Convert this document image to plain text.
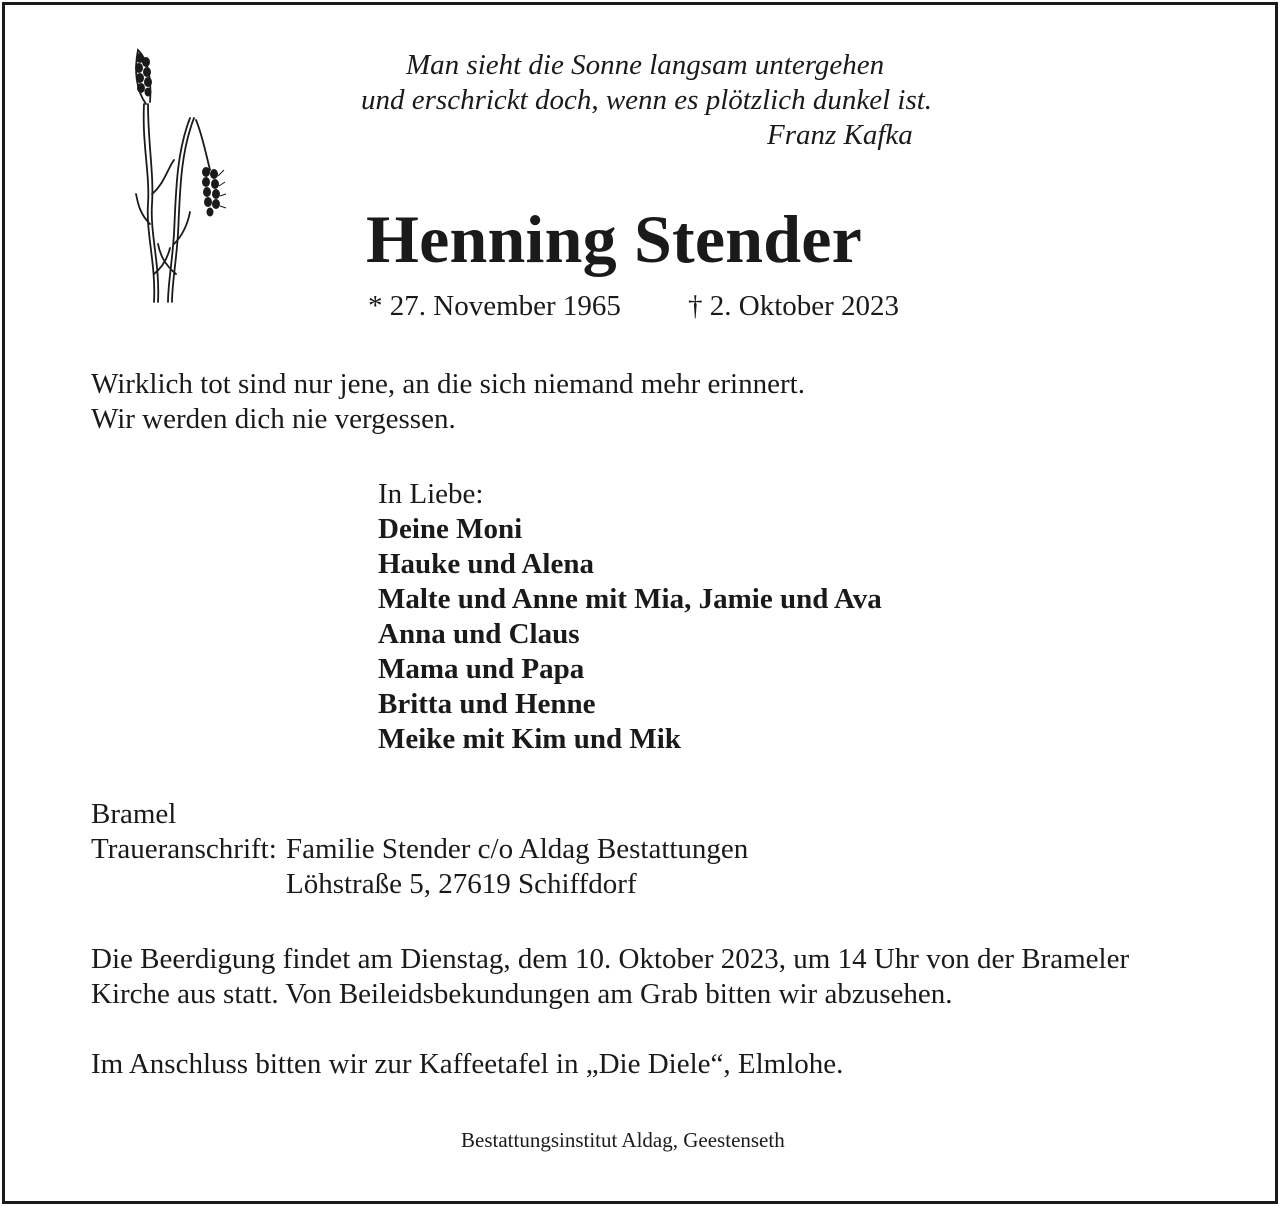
Man sieht die Sonne langsam untergehen
und erschrickt doch, wenn es plötzlich dunkel ist.
Franz Kafka
Henning Stender
* 27. November 1965 † 2. Oktober 2023
Wirklich tot sind nur jene, an die sich niemand mehr erinnert.
Wir werden dich nie vergessen.
In Liebe:
Deine Moni
Hauke und Alena
Malte und Anne mit Mia, Jamie und Ava
Anna und Claus
Mama und Papa
Britta und Henne
Meike mit Kim und Mik
Bramel
Traueranschrift: Familie Stender c/o Aldag Bestattungen
Löhstraße 5, 27619 Schiffdorf
Die Beerdigung findet am Dienstag, dem 10. Oktober 2023, um 14 Uhr von der Brameler
Kirche aus statt. Von Beileidsbekundungen am Grab bitten wir abzusehen.
Im Anschluss bitten wir zur Kaffeetafel in „Die Diele“, Elmlohe.
Bestattungsinstitut Aldag, Geestenseth
